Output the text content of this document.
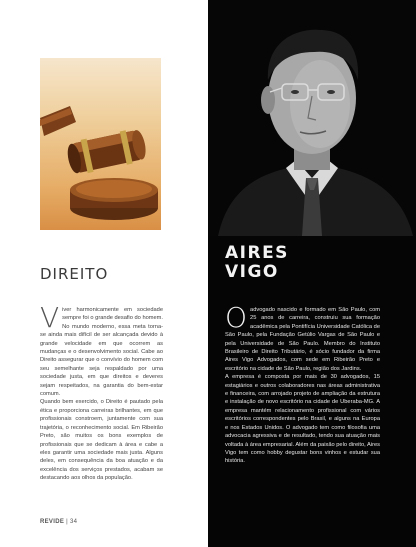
DIREITO
V iver harmonicamente em sociedade sempre foi o grande desafio do homem. No mundo moderno, essa meta torna-se ainda mais difícil de ser alcançada devido à grande velocidade em que ocorrem as mudanças e o desenvolvimento social. Cabe ao Direito assegurar que o convívio do homem com seu semelhante seja respaldado por uma sociedade justa, em que direitos e deveres sejam respeitados, na garantia do bem-estar comum.
Quando bem exercido, o Direito é pautado pela ética e proporciona carreiras brilhantes, em que profissionais constroem, juntamente com sua trajetória, o reconhecimento social. Em Ribeirão Preto, são muitos os bons exemplos de profissionais que se dedicam à área e cabe a eles garantir uma sociedade mais justa. Alguns deles, em consequência da boa atuação e da excelência dos serviços prestados, acabam se destacando aos olhos da população.
REVIDE | 34
AIRES
VIGO
O advogado nascido e formado em São Paulo, com 25 anos de carreira, construiu sua formação acadêmica pela Pontifícia Universidade Católica de São Paulo, pela Fundação Getúlio Vargas de São Paulo e pela Universidade de São Paulo. Membro do Instituto Brasileiro de Direito Tributário, é sócio fundador da firma Aires Vigo Advogados, com sede em Ribeirão Preto e escritório na cidade de São Paulo, região dos Jardins.
A empresa é composta por mais de 30 advogados, 15 estagiários e outros colaboradores nas áreas administrativa e financeira, com arrojado projeto de ampliação da estrutura e instalação de novo escritório na cidade de Uberaba-MG. A empresa mantém relacionamento profissional com vários escritórios correspondentes pelo Brasil, e alguns na Europa e nos Estados Unidos. O advogado tem como filosofia uma advocacia agressiva e de resultado, tendo sua atuação mais voltada à área empresarial. Além da paixão pelo direito, Aires Vigo tem como hobby degustar bons vinhos e estudar sua história.
